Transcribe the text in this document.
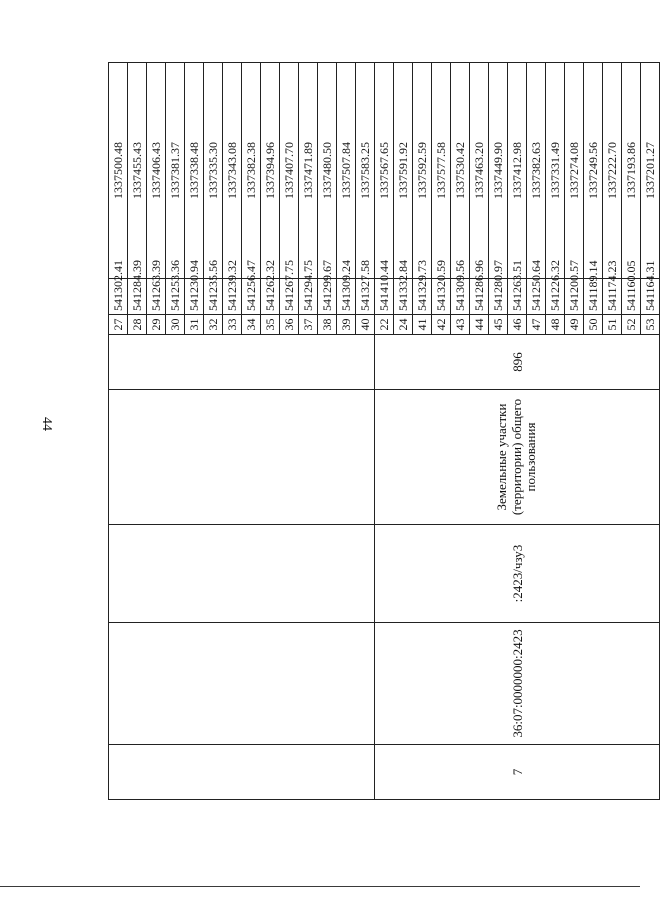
44
					27	541302.41	1337500.48
					28	541284.39	1337455.43
					29	541263.39	1337406.43
					30	541253.36	1337381.37
					31	541230.94	1337338.48
					32	541235.56	1337335.30
					33	541239.32	1337343.08
					34	541256.47	1337382.38
					35	541262.32	1337394.96
					36	541267.75	1337407.70
					37	541294.75	1337471.89
					38	541299.67	1337480.50
					39	541309.24	1337507.84
					40	541327.58	1337583.25
7	36:07:0000000:2423	:2423/чзу3	Земельные участки (территории) общего пользования	896	22	541410.44	1337567.65
					24	541332.84	1337591.92
					41	541329.73	1337592.59
					42	541320.59	1337577.58
					43	541309.56	1337530.42
					44	541286.96	1337463.20
					45	541280.97	1337449.90
					46	541263.51	1337412.98
					47	541250.64	1337382.63
					48	541226.32	1337331.49
					49	541200.57	1337274.08
					50	541189.14	1337249.56
					51	541174.23	1337222.70
					52	541160.05	1337193.86
					53	541164.31	1337201.27
